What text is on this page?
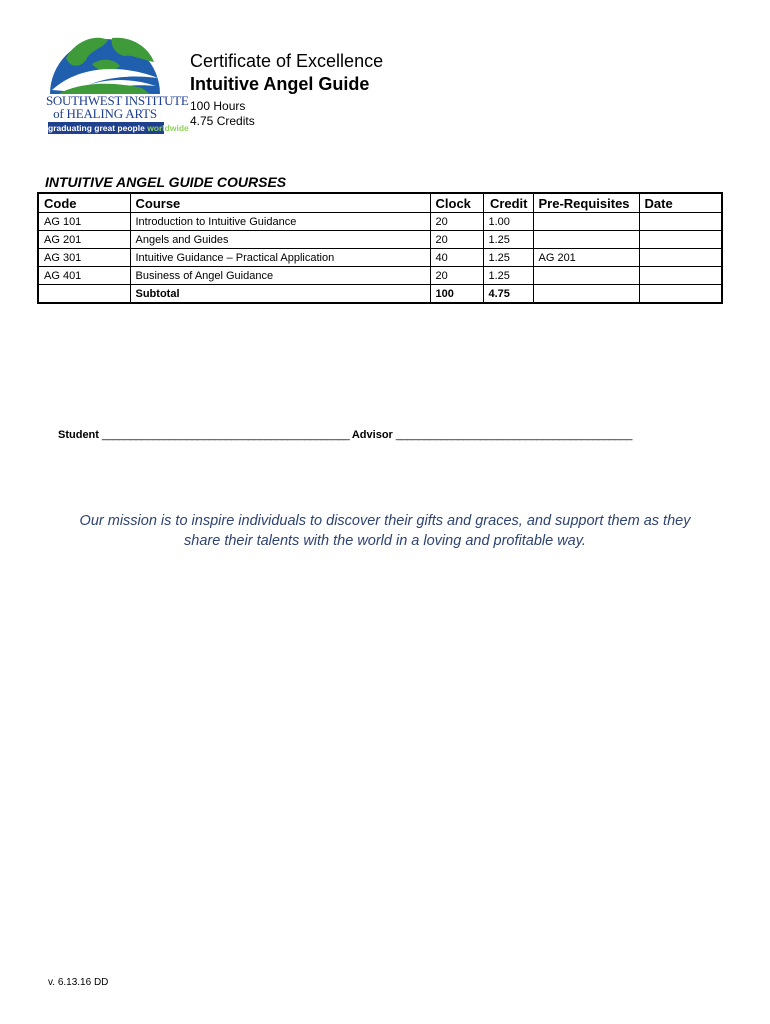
SOUTHWEST INSTITUTE
of HEALING ARTS
graduating great people worldwide
Certificate of Excellence
Intuitive Angel Guide
100 Hours
4.75 Credits
INTUITIVE ANGEL GUIDE COURSES
Code	Course	Clock	Credit	Pre-Requisites	Date
AG 101	Introduction to Intuitive Guidance	20	1.00		
AG 201	Angels and Guides	20	1.25		
AG 301	Intuitive Guidance – Practical Application	40	1.25	AG 201	
AG 401	Business of Angel Guidance	20	1.25		
	Subtotal	100	4.75		
Student ____________________________________________ Advisor __________________________________________
Our mission is to inspire individuals to discover their gifts and graces, and support them as they
share their talents with the world in a loving and profitable way.
v. 6.13.16 DD
